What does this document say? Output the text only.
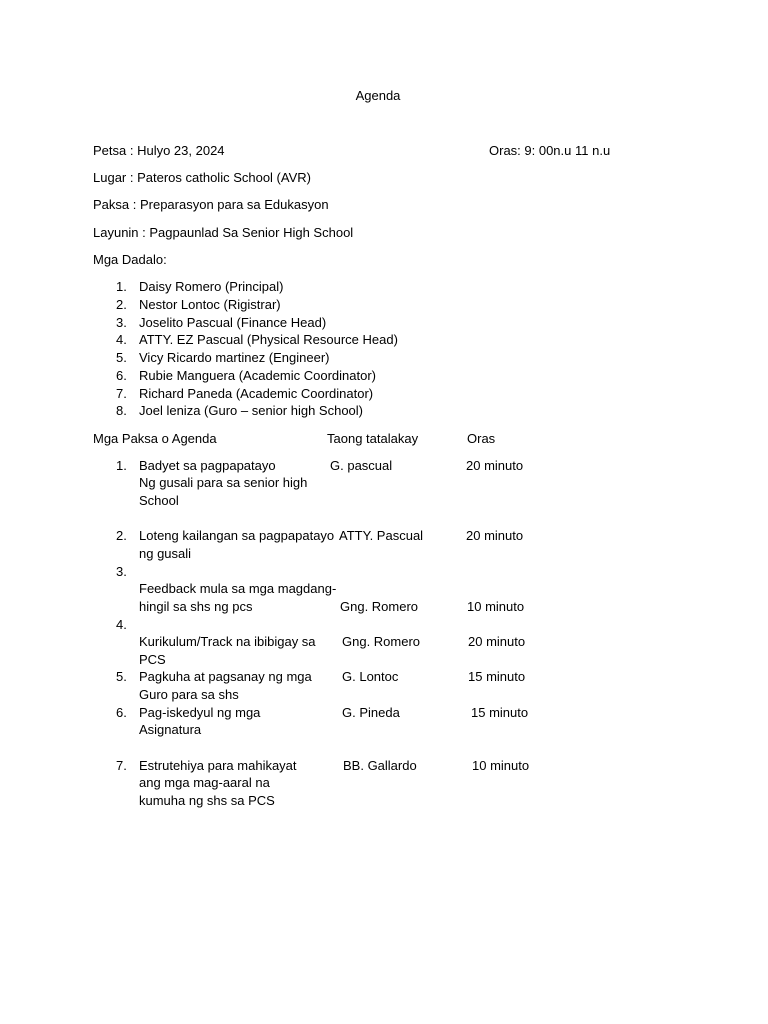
Agenda
Petsa : Hulyo 23, 2024	Oras: 9: 00n.u 11 n.u
Lugar : Pateros catholic School (AVR)
Paksa : Preparasyon para sa Edukasyon
Layunin : Pagpaunlad Sa Senior High School
Mga Dadalo:
1. Daisy Romero (Principal)
2. Nestor Lontoc (Rigistrar)
3. Joselito Pascual (Finance Head)
4. ATTY. EZ Pascual (Physical Resource Head)
5. Vicy Ricardo martinez (Engineer)
6. Rubie Manguera (Academic Coordinator)
7. Richard Paneda (Academic Coordinator)
8. Joel leniza (Guro – senior high School)
Mga Paksa o Agenda	Taong tatalakay	Oras
1. Badyet sa pagpapatayo
Ng gusali para sa senior high
School
G. pascual	20 minuto
2. Loteng kailangan sa pagpapatayo
ng gusali
ATTY. Pascual	20 minuto
3.
Feedback mula sa mga magdang-
hingil sa shs ng pcs	Gng. Romero	10 minuto
4.
Kurikulum/Track na ibibigay sa
PCS
Gng. Romero	20 minuto
5. Pagkuha at pagsanay ng mga
Guro para sa shs
G. Lontoc	15 minuto
6. Pag-iskedyul ng mga
Asignatura
G. Pineda	15 minuto
7. Estrutehiya para mahikayat
ang mga mag-aaral na
kumuha ng shs sa PCS
BB. Gallardo	10 minuto
